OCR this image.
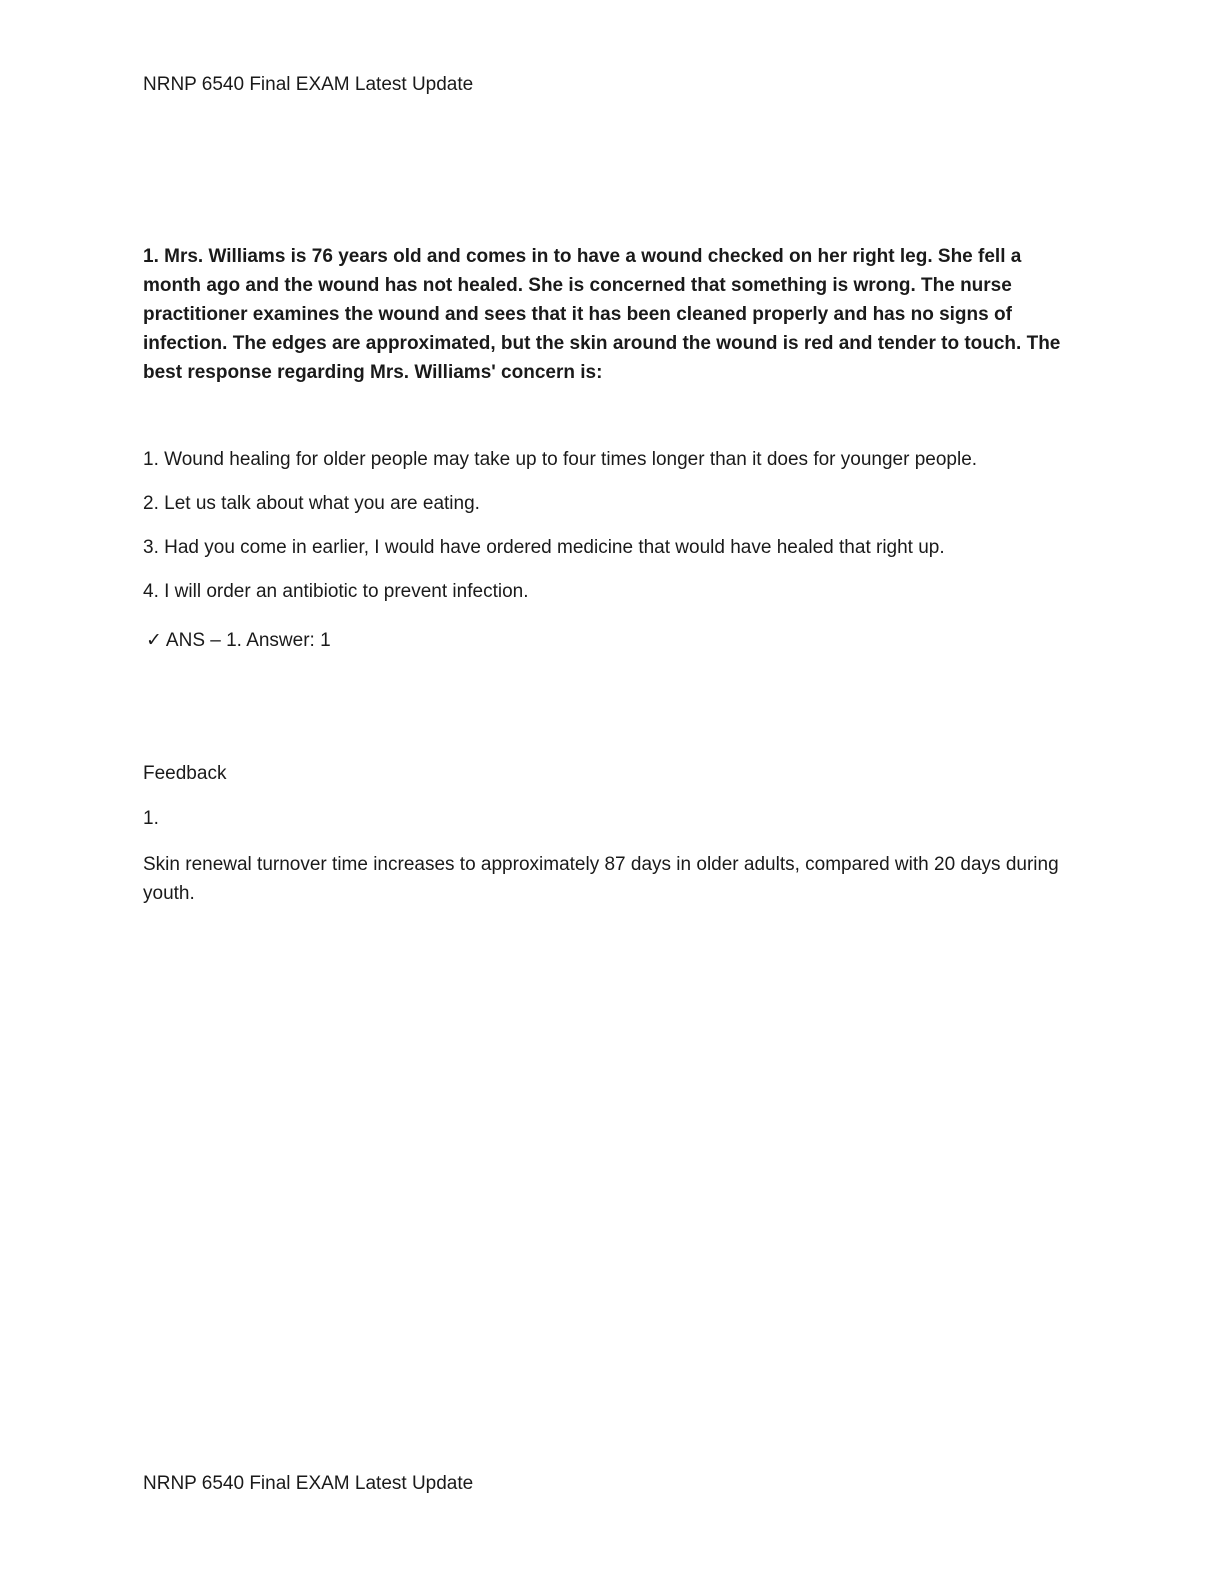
NRNP 6540 Final EXAM Latest Update
1. Mrs. Williams is 76 years old and comes in to have a wound checked on her right leg. She fell a month ago and the wound has not healed. She is concerned that something is wrong. The nurse practitioner examines the wound and sees that it has been cleaned properly and has no signs of infection. The edges are approximated, but the skin around the wound is red and tender to touch. The best response regarding Mrs. Williams' concern is:
1. Wound healing for older people may take up to four times longer than it does for younger people.
2. Let us talk about what you are eating.
3. Had you come in earlier, I would have ordered medicine that would have healed that right up.
4. I will order an antibiotic to prevent infection.
✓ ANS – 1. Answer: 1
Feedback
1.
Skin renewal turnover time increases to approximately 87 days in older adults, compared with 20 days during youth.
NRNP 6540 Final EXAM Latest Update
